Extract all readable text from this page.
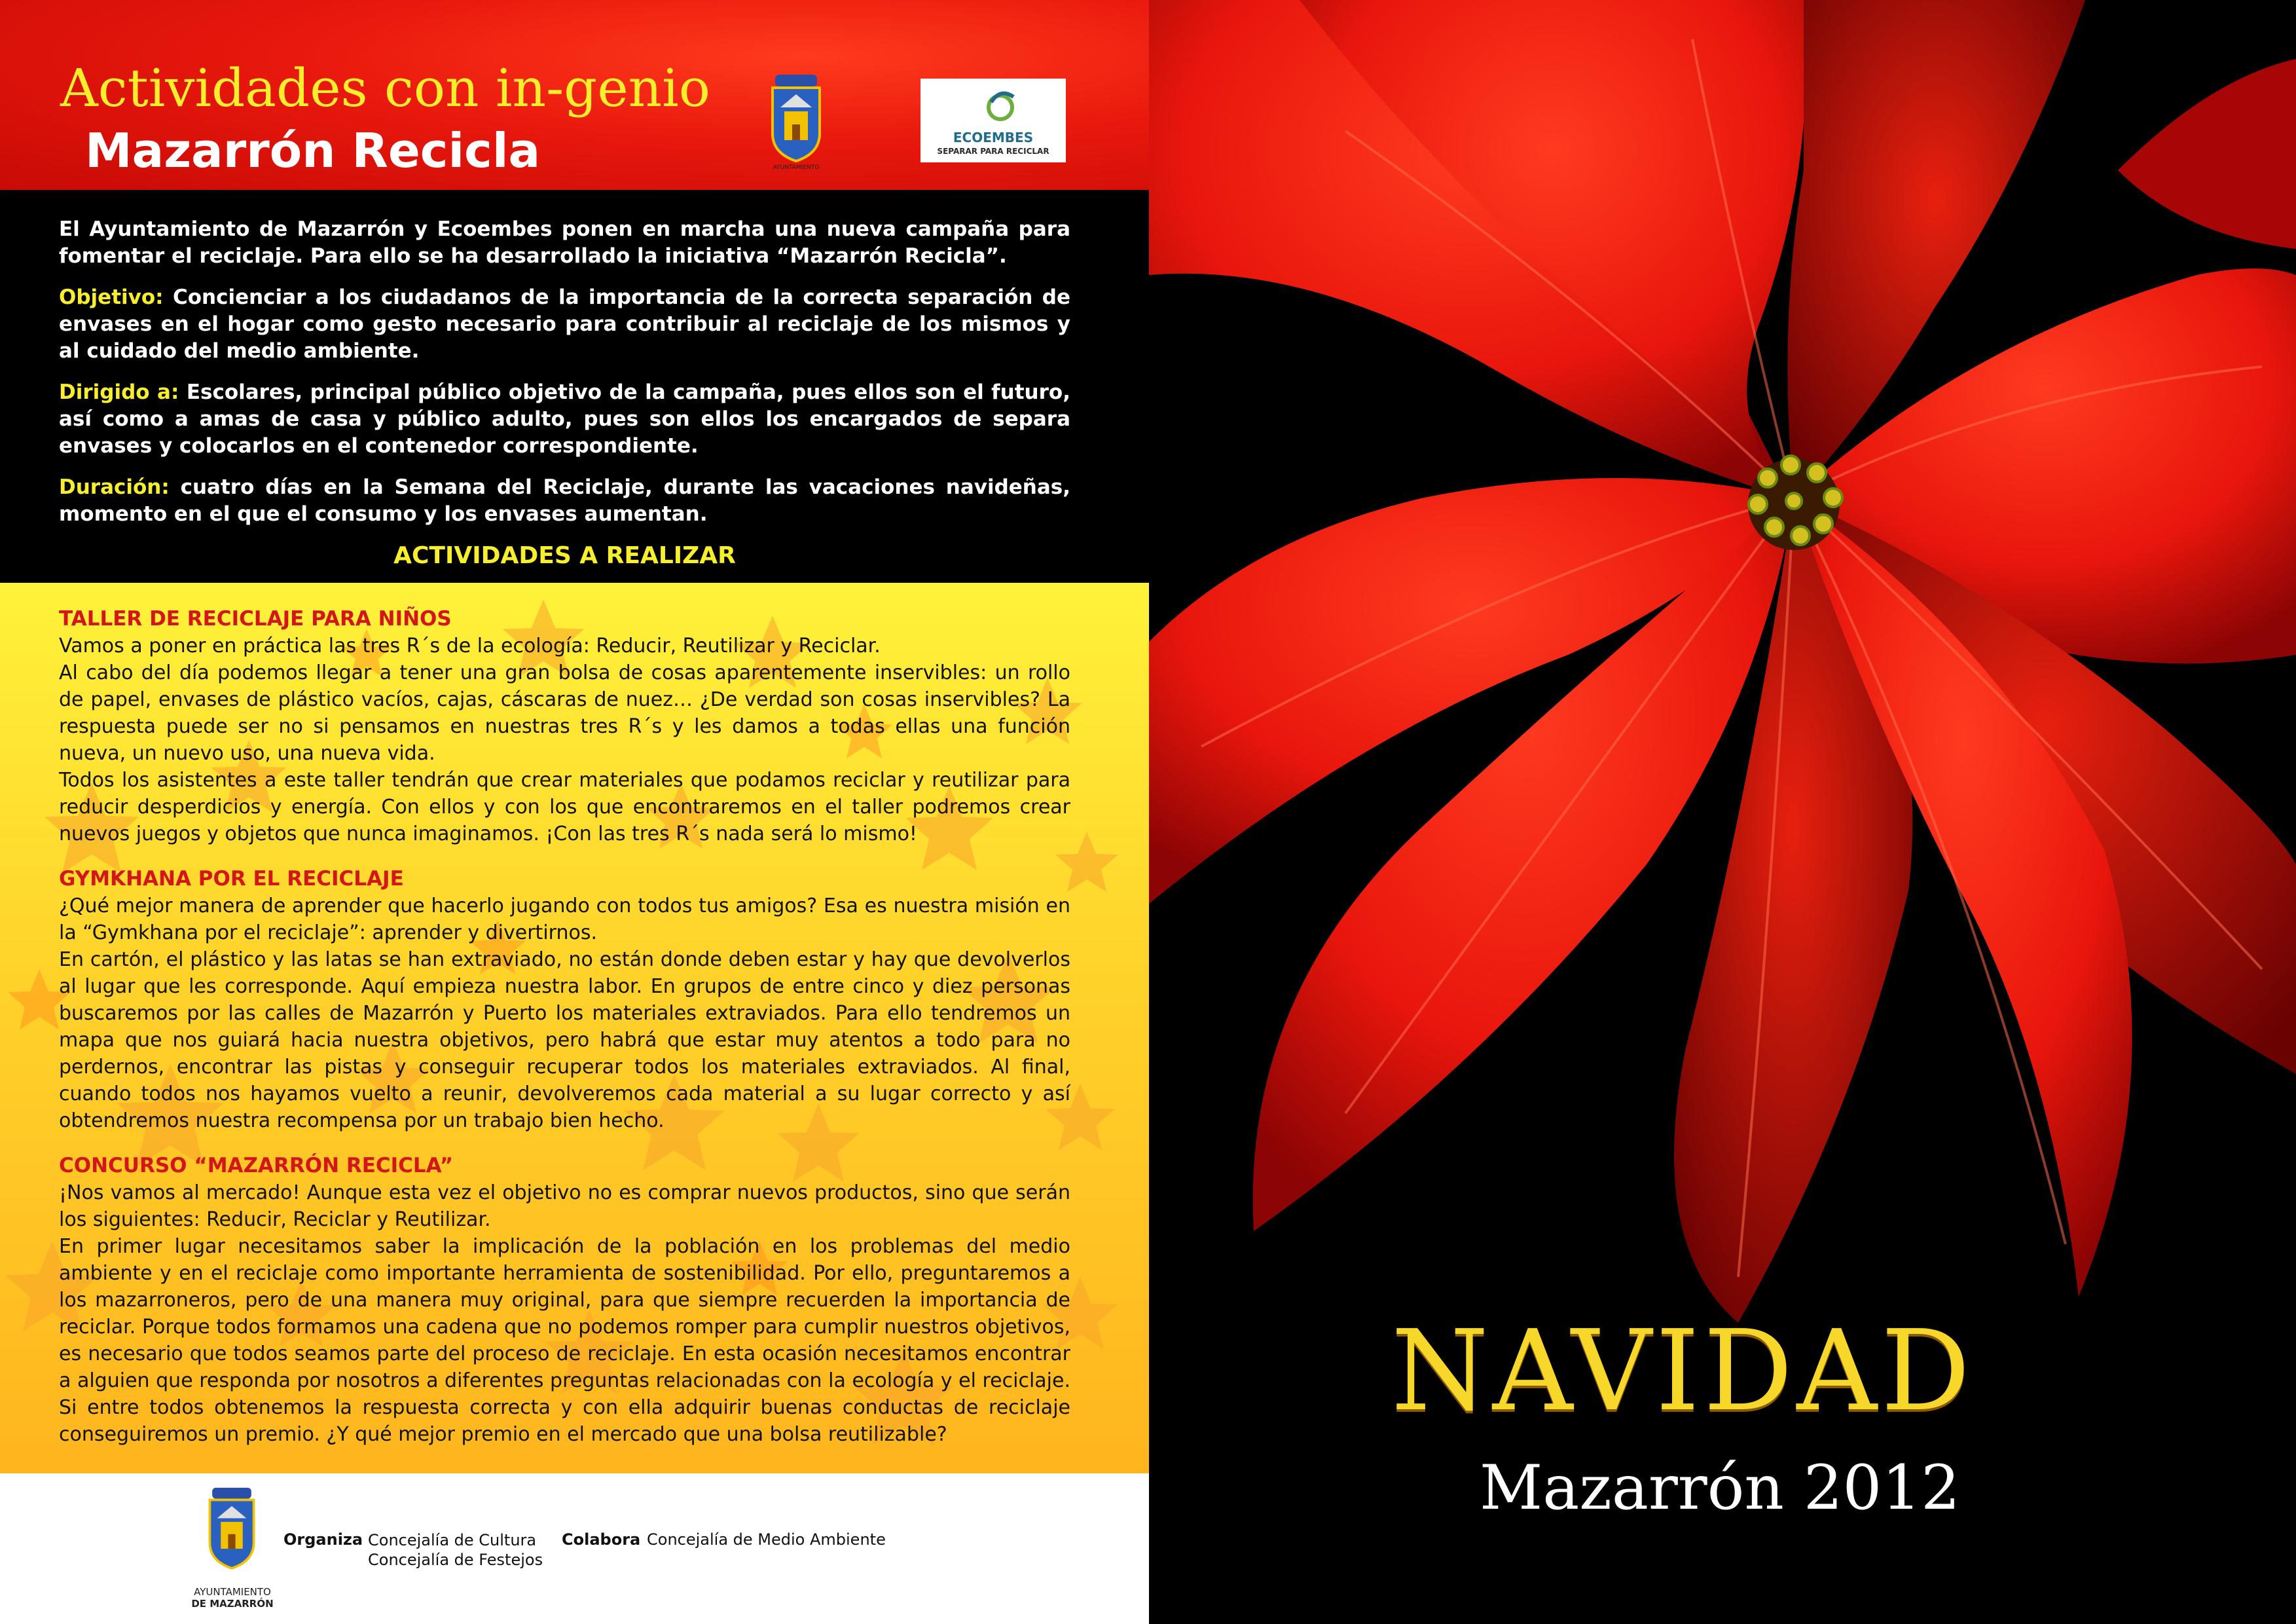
Actividades con in-genio
Mazarrón Recicla	AYUNTAMIENTO
ECOEMBES
SEPARAR PARA RECICLAR

El Ayuntamiento de Mazarrón y Ecoembes ponen en marcha una nueva campaña para fomentar el reciclaje. Para ello se ha desarrollado la iniciativa “Mazarrón Recicla”.

Objetivo: Concienciar a los ciudadanos de la importancia de la correcta separación de envases en el hogar como gesto necesario para contribuir al reciclaje de los mismos y al cuidado del medio ambiente.

Dirigido a: Escolares, principal público objetivo de la campaña, pues ellos son el futuro, así como a amas de casa y público adulto, pues son ellos los encargados de separa envases y colocarlos en el contenedor correspondiente.

Duración: cuatro días en la Semana del Reciclaje, durante las vacaciones navideñas, momento en el que el consumo y los envases aumentan.

ACTIVIDADES A REALIZAR
TALLER DE RECICLAJE PARA NIÑOS

Vamos a poner en práctica las tres R´s de la ecología: Reducir, Reutilizar y Reciclar.

Al cabo del día podemos llegar a tener una gran bolsa de cosas aparentemente inservibles: un rollo de papel, envases de plástico vacíos, cajas, cáscaras de nuez… ¿De verdad son cosas inservibles? La respuesta puede ser no si pensamos en nuestras tres R´s y les damos a todas ellas una función nueva, un nuevo uso, una nueva vida.

Todos los asistentes a este taller tendrán que crear materiales que podamos reciclar y reutilizar para reducir desperdicios y energía. Con ellos y con los que encontraremos en el taller podremos crear nuevos juegos y objetos que nunca imaginamos. ¡Con las tres R´s nada será lo mismo!

GYMKHANA POR EL RECICLAJE

¿Qué mejor manera de aprender que hacerlo jugando con todos tus amigos? Esa es nuestra misión en la “Gymkhana por el reciclaje”: aprender y divertirnos.

En cartón, el plástico y las latas se han extraviado, no están donde deben estar y hay que devolverlos al lugar que les corresponde. Aquí empieza nuestra labor. En grupos de entre cinco y diez personas buscaremos por las calles de Mazarrón y Puerto los materiales extraviados. Para ello tendremos un mapa que nos guiará hacia nuestra objetivos, pero habrá que estar muy atentos a todo para no perdernos, encontrar las pistas y conseguir recuperar todos los materiales extraviados. Al final, cuando todos nos hayamos vuelto a reunir, devolveremos cada material a su lugar correcto y así obtendremos nuestra recompensa por un trabajo bien hecho.

CONCURSO “MAZARRÓN RECICLA”

¡Nos vamos al mercado! Aunque esta vez el objetivo no es comprar nuevos productos, sino que serán los siguientes: Reducir, Reciclar y Reutilizar.

En primer lugar necesitamos saber la implicación de la población en los problemas del medio ambiente y en el reciclaje como importante herramienta de sostenibilidad. Por ello, preguntaremos a los mazarroneros, pero de una manera muy original, para que siempre recuerden la importancia de reciclar. Porque todos formamos una cadena que no podemos romper para cumplir nuestros objetivos, es necesario que todos seamos parte del proceso de reciclaje. En esta ocasión necesitamos encontrar a alguien que responda por nosotros a diferentes preguntas relacionadas con la ecología y el reciclaje. Si entre todos obtenemos la respuesta correcta y con ella adquirir buenas conductas de reciclaje conseguiremos un premio. ¿Y qué mejor premio en el mercado que una bolsa reutilizable?

AYUNTAMIENTO
DE MAZARRÓN
Organiza Concejalía de Cultura
Concejalía de Festejos
Colabora Concejalía de Medio Ambiente
NAVIDAD
Mazarrón 2012
